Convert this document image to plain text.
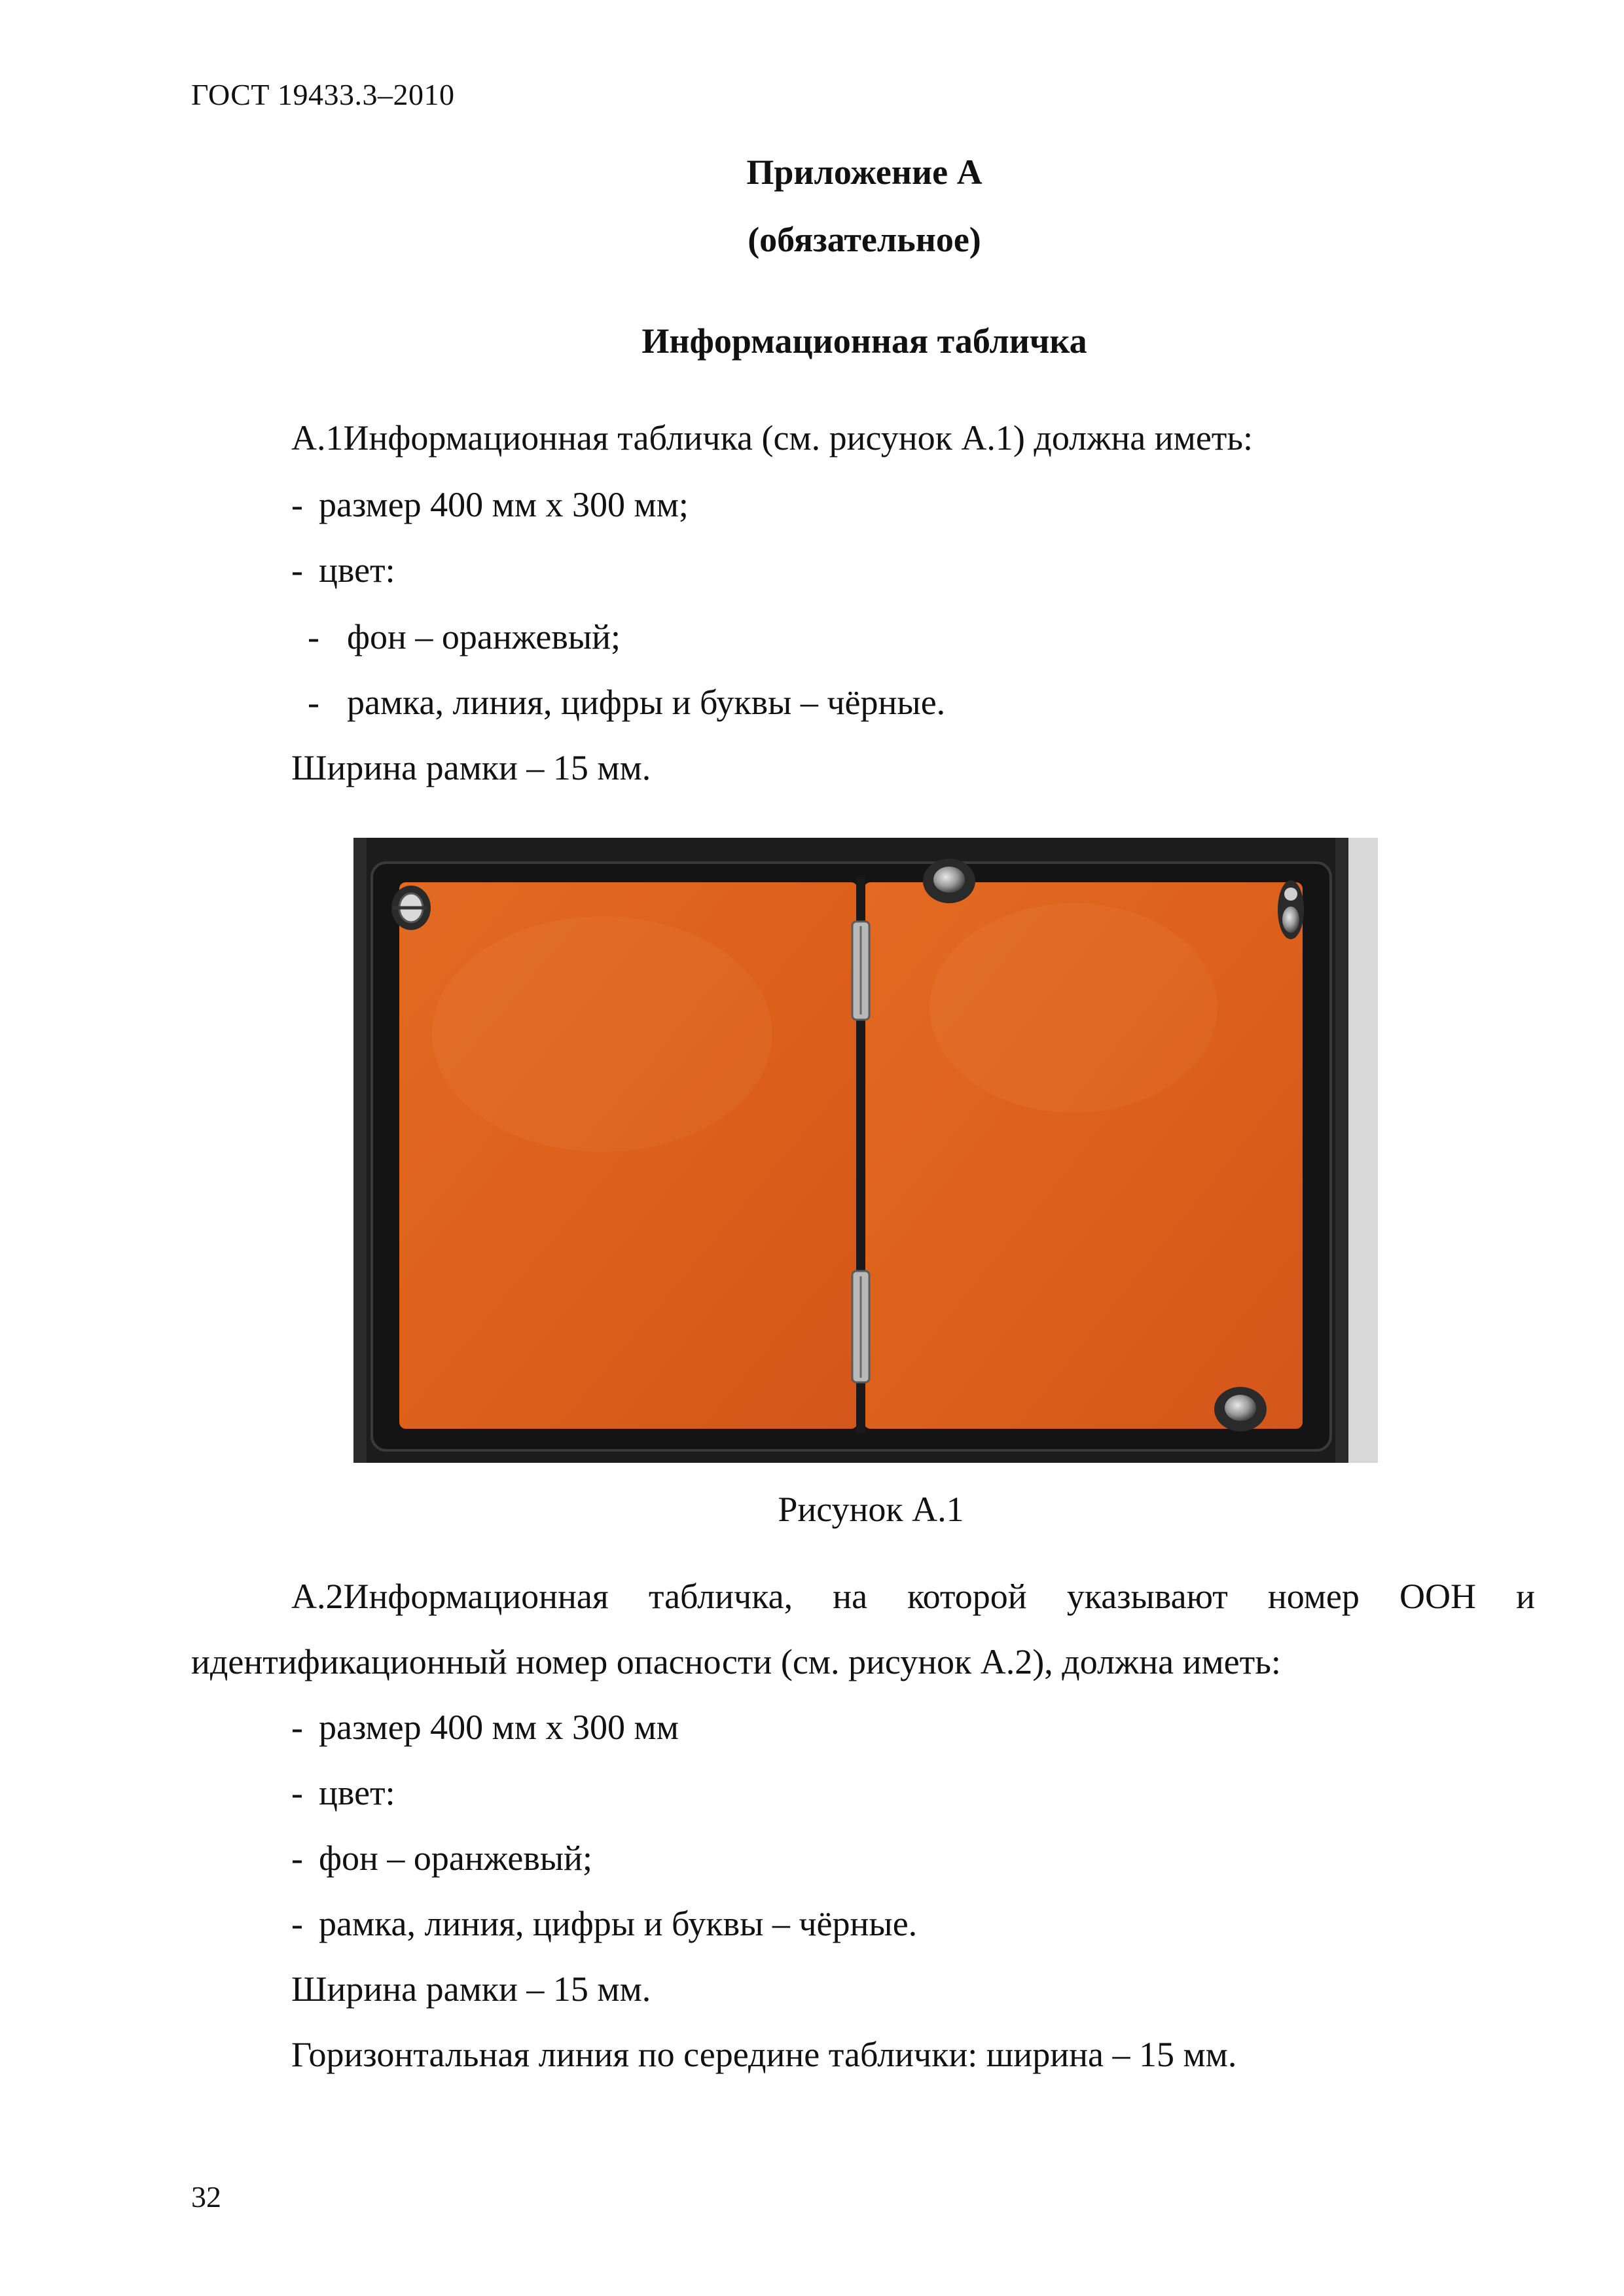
ГОСТ 19433.3–2010
Приложение А
(обязательное)
Информационная табличка
А.1Информационная табличка (см. рисунок А.1) должна иметь:
- размер 400 мм х 300 мм;
- цвет:
- фон – оранжевый;
- рамка, линия, цифры и буквы – чёрные.
Ширина рамки – 15 мм.
Рисунок А.1
А.2Информационная табличка, на которой указывают номер ООН и
идентификационный номер опасности (см. рисунок А.2), должна иметь:
- размер 400 мм х 300 мм
- цвет:
- фон – оранжевый;
- рамка, линия, цифры и буквы – чёрные.
Ширина рамки – 15 мм.
Горизонтальная линия по середине таблички: ширина – 15 мм.
32
